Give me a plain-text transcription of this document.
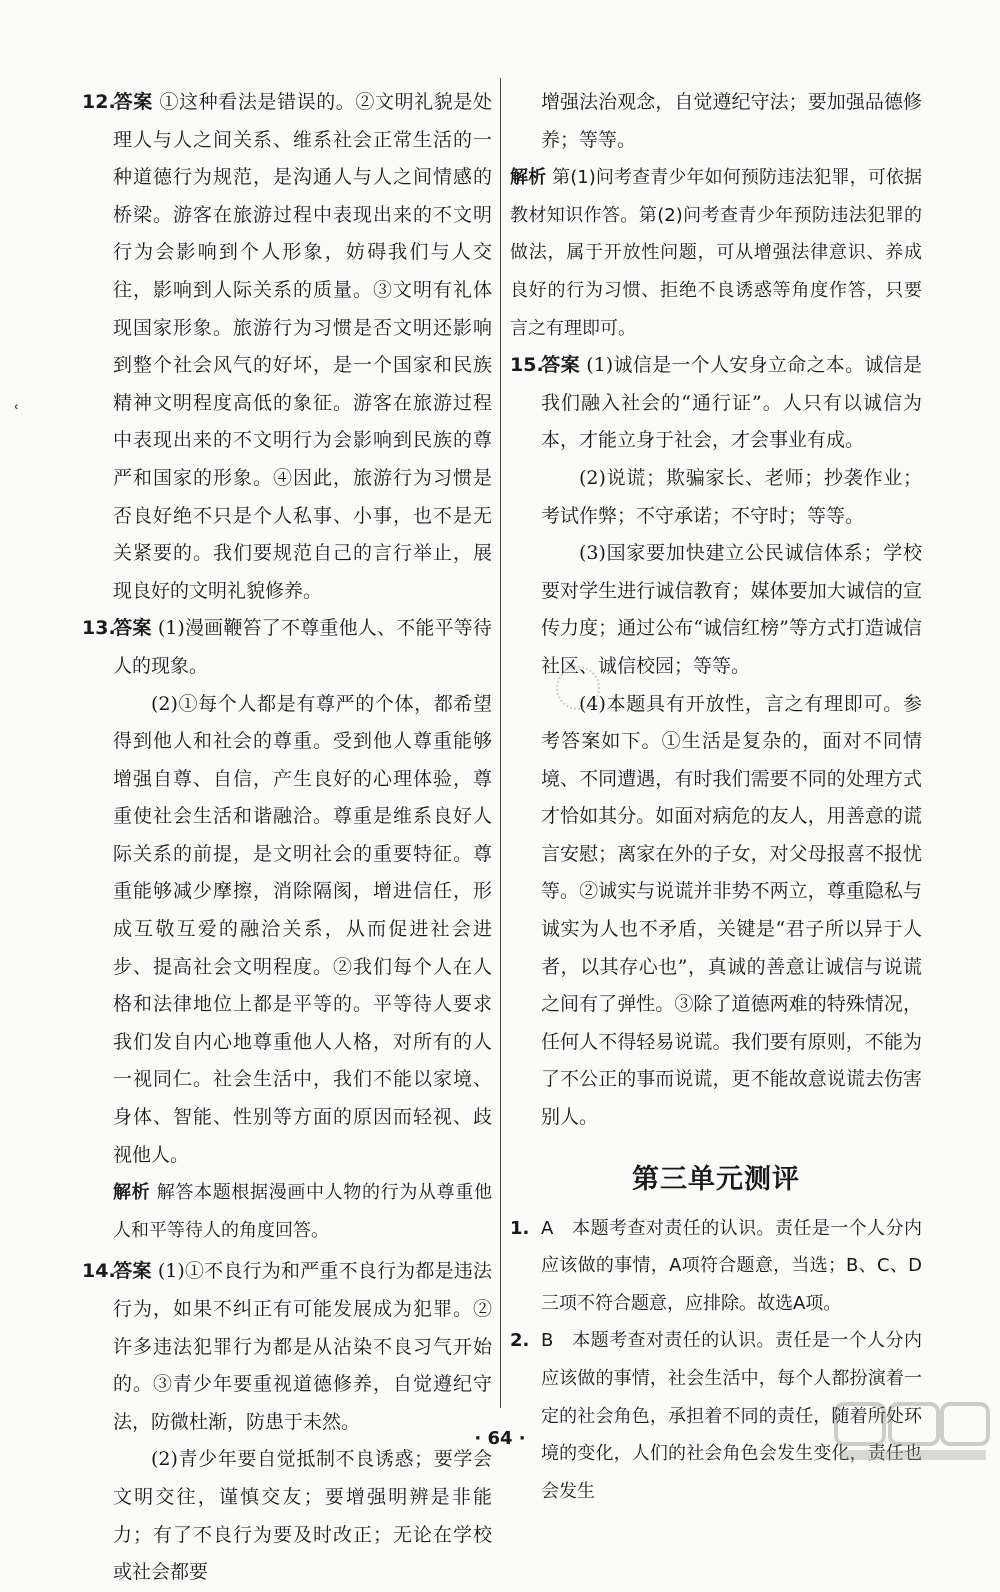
ʿ
12.答案 ①这种看法是错误的。②文明礼貌是处理人与人之间关系、维系社会正常生活的一种道德行为规范，是沟通人与人之间情感的桥梁。游客在旅游过程中表现出来的不文明行为会影响到个人形象，妨碍我们与人交往，影响到人际关系的质量。③文明有礼体现国家形象。旅游行为习惯是否文明还影响到整个社会风气的好坏，是一个国家和民族精神文明程度高低的象征。游客在旅游过程中表现出来的不文明行为会影响到民族的尊严和国家的形象。④因此，旅游行为习惯是否良好绝不只是个人私事、小事，也不是无关紧要的。我们要规范自己的言行举止，展现良好的文明礼貌修养。
13.答案 (1)漫画鞭笞了不尊重他人、不能平等待人的现象。
(2)①每个人都是有尊严的个体，都希望得到他人和社会的尊重。受到他人尊重能够增强自尊、自信，产生良好的心理体验，尊重使社会生活和谐融洽。尊重是维系良好人际关系的前提，是文明社会的重要特征。尊重能够减少摩擦，消除隔阂，增进信任，形成互敬互爱的融洽关系，从而促进社会进步、提高社会文明程度。②我们每个人在人格和法律地位上都是平等的。平等待人要求我们发自内心地尊重他人人格，对所有的人一视同仁。社会生活中，我们不能以家境、身体、智能、性别等方面的原因而轻视、歧视他人。
解析 解答本题根据漫画中人物的行为从尊重他人和平等待人的角度回答。
14.答案 (1)①不良行为和严重不良行为都是违法行为，如果不纠正有可能发展成为犯罪。②许多违法犯罪行为都是从沾染不良习气开始的。③青少年要重视道德修养，自觉遵纪守法，防微杜渐，防患于未然。
(2)青少年要自觉抵制不良诱惑；要学会文明交往，谨慎交友；要增强明辨是非能力；有了不良行为要及时改正；无论在学校或社会都要
增强法治观念，自觉遵纪守法；要加强品德修养；等等。
解析 第(1)问考查青少年如何预防违法犯罪，可依据教材知识作答。第(2)问考查青少年预防违法犯罪的做法，属于开放性问题，可从增强法律意识、养成良好的行为习惯、拒绝不良诱惑等角度作答，只要言之有理即可。
15.答案 (1)诚信是一个人安身立命之本。诚信是我们融入社会的“通行证”。人只有以诚信为本，才能立身于社会，才会事业有成。
(2)说谎；欺骗家长、老师；抄袭作业；考试作弊；不守承诺；不守时；等等。
(3)国家要加快建立公民诚信体系；学校要对学生进行诚信教育；媒体要加大诚信的宣传力度；通过公布“诚信红榜”等方式打造诚信社区、诚信校园；等等。
(4)本题具有开放性，言之有理即可。参考答案如下。①生活是复杂的，面对不同情境、不同遭遇，有时我们需要不同的处理方式才恰如其分。如面对病危的友人，用善意的谎言安慰；离家在外的子女，对父母报喜不报忧等。②诚实与说谎并非势不两立，尊重隐私与诚实为人也不矛盾，关键是“君子所以异于人者，以其存心也”，真诚的善意让诚信与说谎之间有了弹性。③除了道德两难的特殊情况，任何人不得轻易说谎。我们要有原则，不能为了不公正的事而说谎，更不能故意说谎去伤害别人。
第三单元测评
1. A　本题考查对责任的认识。责任是一个人分内应该做的事情，A项符合题意，当选；B、C、D三项不符合题意，应排除。故选A项。
2. B　本题考查对责任的认识。责任是一个人分内应该做的事情，社会生活中，每个人都扮演着一定的社会角色，承担着不同的责任，随着所处环境的变化，人们的社会角色会发生变化，责任也会发生
· 64 ·
